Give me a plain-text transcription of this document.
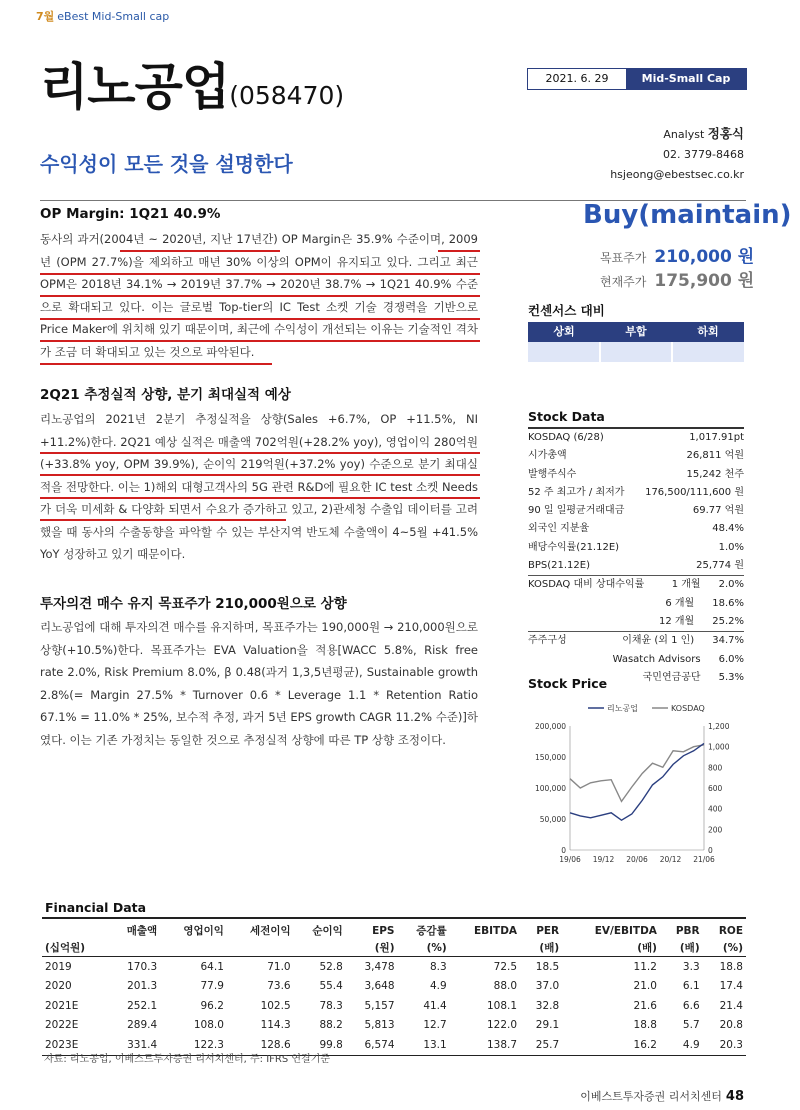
7월 eBest Mid-Small cap
리노공업(058470)
수익성이 모든 것을 설명한다
2021. 6. 29	Mid-Small Cap
Analyst 정홍식
02. 3779-8468
hsjeong@ebestsec.co.kr
OP Margin: 1Q21 40.9%
동사의 과거(2004년 ~ 2020년, 지난 17년간) OP Margin은 35.9% 수준이며, 2009년 (OPM 27.7%)을 제외하고 매년 30% 이상의 OPM이 유지되고 있다. 그리고 최근 OPM은 2018년 34.1% → 2019년 37.7% → 2020년 38.7% → 1Q21 40.9% 수준으로 확대되고 있다. 이는 글로벌 Top-tier의 IC Test 소켓 기술 경쟁력을 기반으로 Price Maker에 위치해 있기 때문이며, 최근에 수익성이 개선되는 이유는 기술적인 격차가 조금 더 확대되고 있는 것으로 파악된다.
2Q21 추정실적 상향, 분기 최대실적 예상
리노공업의 2021년 2분기 추정실적을 상향(Sales +6.7%, OP +11.5%, NI +11.2%)한다. 2Q21 예상 실적은 매출액 702억원(+28.2% yoy), 영업이익 280억원(+33.8% yoy, OPM 39.9%), 순이익 219억원(+37.2% yoy) 수준으로 분기 최대실적을 전망한다. 이는 1)해외 대형고객사의 5G 관련 R&D에 필요한 IC test 소켓 Needs가 더욱 미세화 & 다양화 되면서 수요가 증가하고 있고, 2)관세청 수출입 데이터를 고려했을 때 동사의 수출동향을 파악할 수 있는 부산지역 반도체 수출액이 4~5월 +41.5% YoY 성장하고 있기 때문이다.
투자의견 매수 유지 목표주가 210,000원으로 상향
리노공업에 대해 투자의견 매수를 유지하며, 목표주가는 190,000원 → 210,000원으로 상향(+10.5%)한다. 목표주가는 EVA Valuation을 적용[WACC 5.8%, Risk free rate 2.0%, Risk Premium 8.0%, β 0.48(과거 1,3,5년평균), Sustainable growth 2.8%(= Margin 27.5% * Turnover 0.6 * Leverage 1.1 * Retention Ratio 67.1% = 11.0% * 25%, 보수적 추정, 과거 5년 EPS growth CAGR 11.2% 수준)]하였다. 이는 기존 가정치는 동일한 것으로 추정실적 상향에 따른 TP 상향 조정이다.
Buy(maintain)
목표주가 210,000 원
현재주가 175,900 원
컨센서스 대비
상회	부합	하회
Stock Data
KOSDAQ (6/28)	1,017.91pt
시가총액	26,811 억원
발행주식수	15,242 천주
52 주 최고가 / 최저가 176,500/111,600 원
90 일 일평균거래대금	69.77 억원
외국인 지분율	48.4%
배당수익률(21.12E)	1.0%
BPS(21.12E)	25,774 원
KOSDAQ 대비 상대수익률	1 개월 2.0%
6 개월 18.6%
12 개월 25.2%
주주구성	이채윤 (외 1 인) 34.7%
Wasatch Advisors 6.0%
국민연금공단 5.3%
Stock Price
리노공업	KOSDAQ
200,000
150,000
100,000
50,000
0
1,200
1,000
800
600
400
200
0
19/06 19/12 20/06 20/12 21/06
Financial Data
	매출액	영업이익	세전이익	순이익	EPS	증감률	EBITDA	PER	EV/EBITDA	PBR	ROE
(십억원)					(원)	(%)		(배)	(배)	(배)	(%)
2019	170.3	64.1	71.0	52.8	3,478	8.3	72.5	18.5	11.2	3.3	18.8
2020	201.3	77.9	73.6	55.4	3,648	4.9	88.0	37.0	21.0	6.1	17.4
2021E	252.1	96.2	102.5	78.3	5,157	41.4	108.1	32.8	21.6	6.6	21.4
2022E	289.4	108.0	114.3	88.2	5,813	12.7	122.0	29.1	18.8	5.7	20.8
2023E	331.4	122.3	128.6	99.8	6,574	13.1	138.7	25.7	16.2	4.9	20.3
자료: 리노공업, 이베스트투자증권 리서치센터, 주: IFRS 연결기준
이베스트투자증권 리서치센터 48
